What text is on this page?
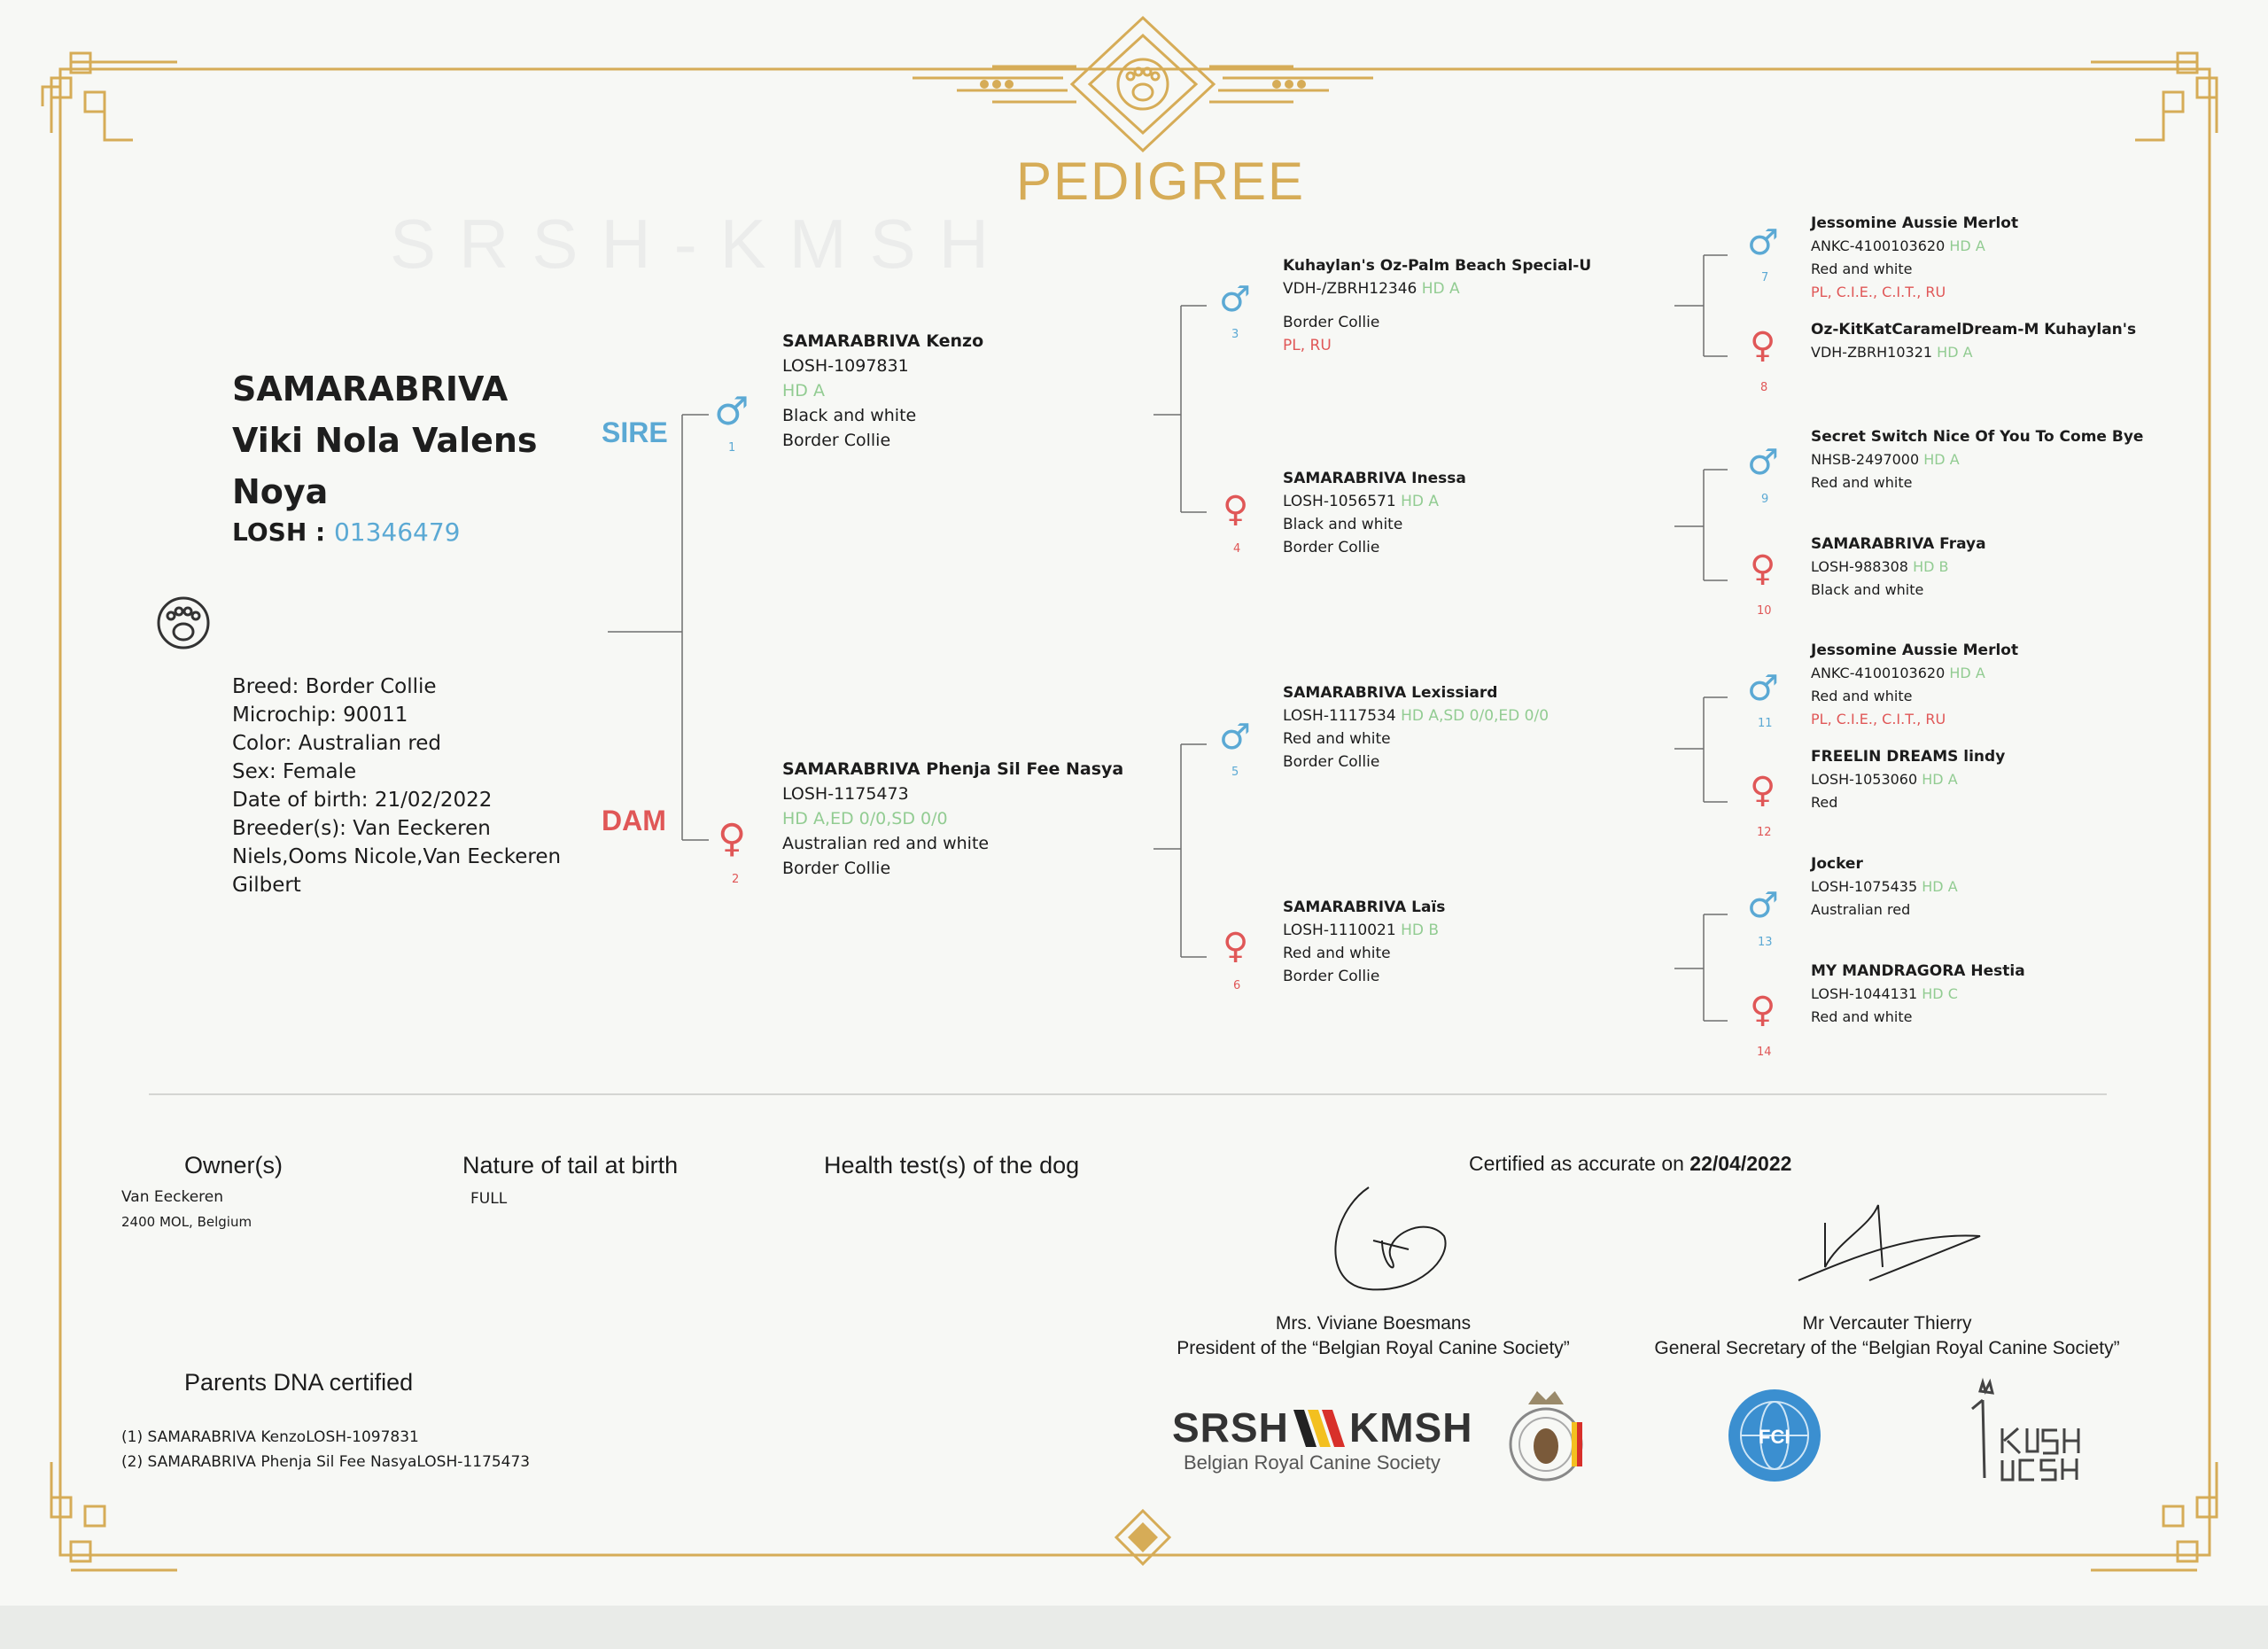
PEDIGREE
SRSH-KMSH
SAMARABRIVA
Viki Nola Valens
Noya
LOSH : 01346479
Breed: Border Collie
Microchip: 90011
Color: Australian red
Sex: Female
Date of birth: 21/02/2022
Breeder(s): Van Eeckeren
Niels,Ooms Nicole,Van Eeckeren
Gilbert
SIRE
DAM
♂
1
♀
2
SAMARABRIVA Kenzo
LOSH-1097831
HD A
Black and white
Border Collie
SAMARABRIVA Phenja Sil Fee Nasya
LOSH-1175473
HD A,ED 0/0,SD 0/0
Australian red and white
Border Collie
♂
3
♀
4
♂
5
♀
6
Kuhaylan's Oz-Palm Beach Special-U
VDH-/ZBRH12346 HD A
Border Collie
PL, RU
SAMARABRIVA Inessa
LOSH-1056571 HD A
Black and white
Border Collie
SAMARABRIVA Lexissiard
LOSH-1117534 HD A,SD 0/0,ED 0/0
Red and white
Border Collie
SAMARABRIVA Laïs
LOSH-1110021 HD B
Red and white
Border Collie
♂
7
♀
8
♂
9
♀
10
♂
11
♀
12
♂
13
♀
14
Jessomine Aussie Merlot
ANKC-4100103620 HD A
Red and white
PL, C.I.E., C.I.T., RU
Oz-KitKatCaramelDream-M Kuhaylan's
VDH-ZBRH10321 HD A
Secret Switch Nice Of You To Come Bye
NHSB-2497000 HD A
Red and white
SAMARABRIVA Fraya
LOSH-988308 HD B
Black and white
Jessomine Aussie Merlot
ANKC-4100103620 HD A
Red and white
PL, C.I.E., C.I.T., RU
FREELIN DREAMS lindy
LOSH-1053060 HD A
Red
Jocker
LOSH-1075435 HD A
Australian red
MY MANDRAGORA Hestia
LOSH-1044131 HD C
Red and white
Owner(s)
Van Eeckeren
2400 MOL, Belgium
Nature of tail at birth
FULL
Health test(s) of the dog	Certified as accurate on 22/04/2022
Mrs. Viviane Boesmans
President of the “Belgian Royal Canine Society”
Mr Vercauter Thierry
General Secretary of the “Belgian Royal Canine Society”
Parents DNA certified
(1) SAMARABRIVA KenzoLOSH-1097831
(2) SAMARABRIVA Phenja Sil Fee NasyaLOSH-1175473
SRSH KMSH
Belgian Royal Canine Society
FCI
